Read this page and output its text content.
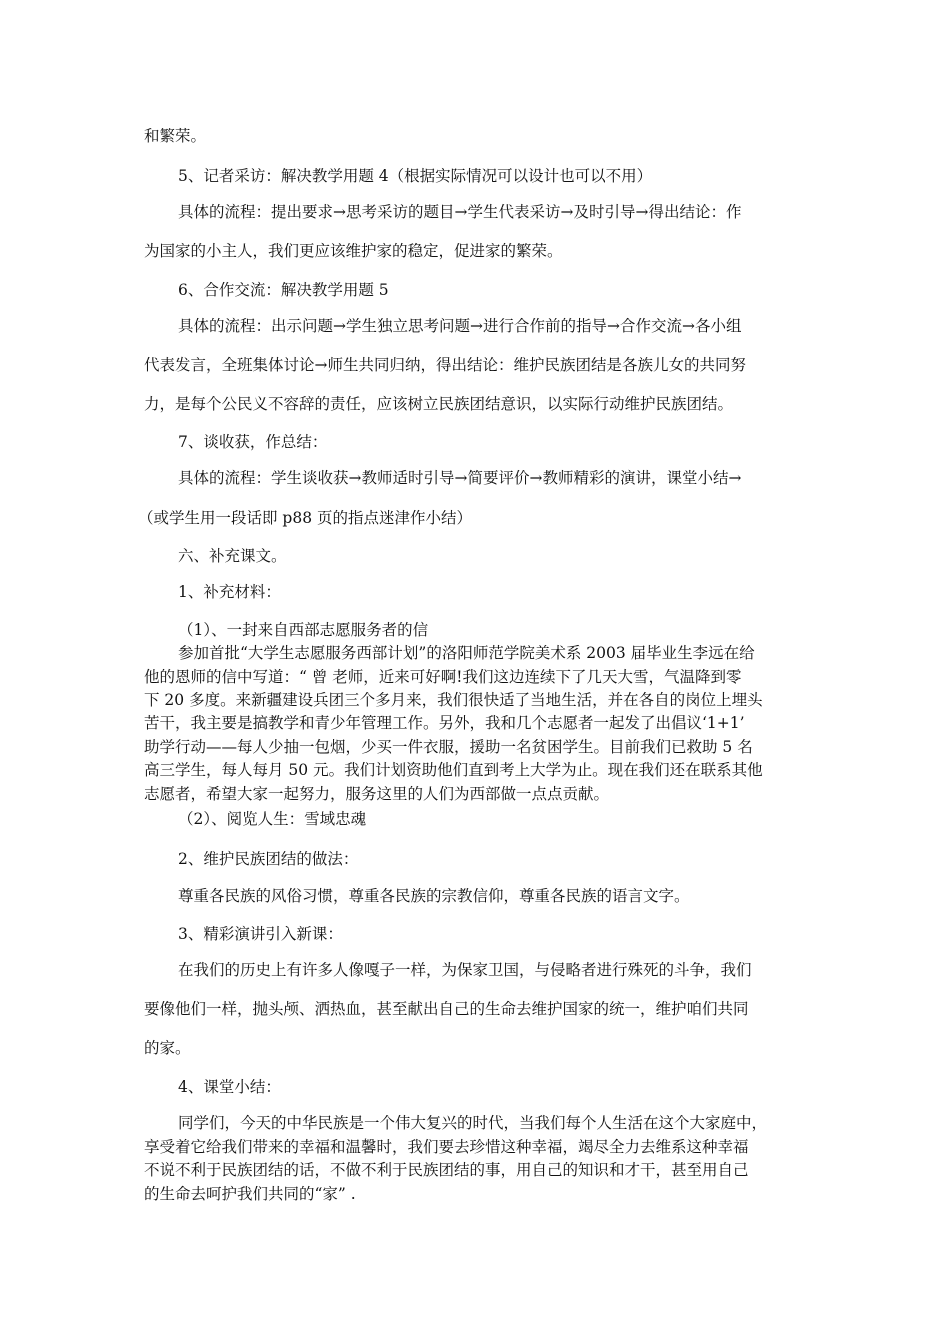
和繁荣。
5、记者采访：解决教学用题 4（根据实际情况可以设计也可以不用）
具体的流程：提出要求→思考采访的题目→学生代表采访→及时引导→得出结论：作
为国家的小主人，我们更应该维护家的稳定，促进家的繁荣。
6、合作交流：解决教学用题 5
具体的流程：出示问题→学生独立思考问题→进行合作前的指导→合作交流→各小组
代表发言，全班集体讨论→师生共同归纳，得出结论：维护民族团结是各族儿女的共同努
力，是每个公民义不容辞的责任，应该树立民族团结意识，以实际行动维护民族团结。
7、谈收获，作总结：
具体的流程：学生谈收获→教师适时引导→简要评价→教师精彩的演讲，课堂小结→
（或学生用一段话即 p88 页的指点迷津作小结）
六、补充课文。
1、补充材料：
（1）、一封来自西部志愿服务者的信
参加首批“大学生志愿服务西部计划”的洛阳师范学院美术系 2003 届毕业生李远在给
他的恩师的信中写道：“ 曾 老师，近来可好啊!我们这边连续下了几天大雪，气温降到零
下 20 多度。来新疆建设兵团三个多月来，我们很快适了当地生活，并在各自的岗位上埋头
苦干，我主要是搞教学和青少年管理工作。另外，我和几个志愿者一起发了出倡议‘1+1’
助学行动——每人少抽一包烟，少买一件衣服，援助一名贫困学生。目前我们已救助 5 名
高三学生，每人每月 50 元。我们计划资助他们直到考上大学为止。现在我们还在联系其他
志愿者，希望大家一起努力，服务这里的人们为西部做一点点贡献。
（2）、阅览人生：雪域忠魂
2、维护民族团结的做法：
尊重各民族的风俗习惯，尊重各民族的宗教信仰，尊重各民族的语言文字。
3、精彩演讲引入新课：
在我们的历史上有许多人像嘎子一样，为保家卫国，与侵略者进行殊死的斗争，我们
要像他们一样，抛头颅、洒热血，甚至献出自己的生命去维护国家的统一，维护咱们共同
的家。
4、课堂小结：
同学们，今天的中华民族是一个伟大复兴的时代，当我们每个人生活在这个大家庭中，
享受着它给我们带来的幸福和温馨时，我们要去珍惜这种幸福，竭尽全力去维系这种幸福
不说不利于民族团结的话，不做不利于民族团结的事，用自己的知识和才干，甚至用自己
的生命去呵护我们共同的“家” .
